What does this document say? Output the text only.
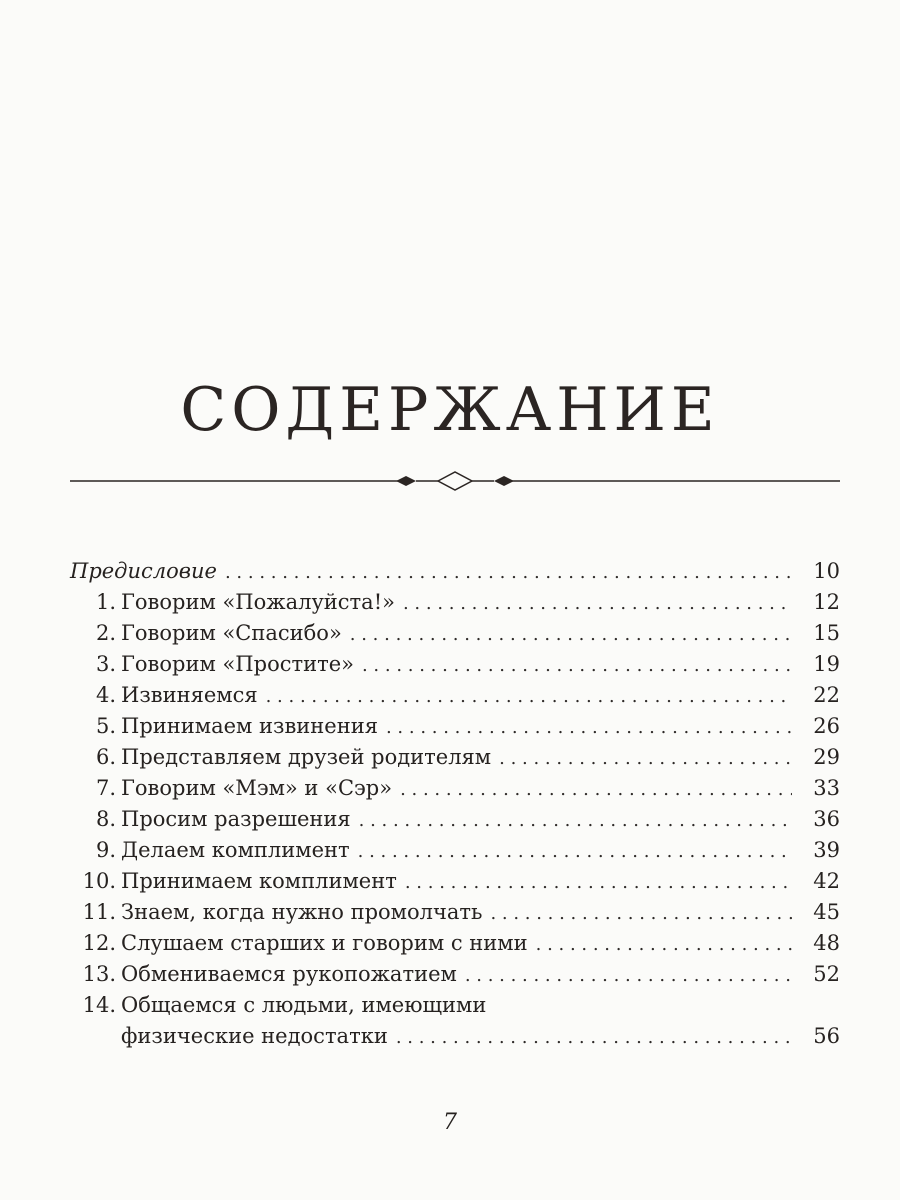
СОДЕРЖАНИЕ
Предисловие . . .	10
1. Говорим «Пожалуйста!» . . .	12
2. Говорим «Спасибо» . . .	15
3. Говорим «Простите» . . .	19
4. Извиняемся . . .	22
5. Принимаем извинения . . .	26
6. Представляем друзей родителям . . .	29
7. Говорим «Мэм» и «Сэр» . . .	33
8. Просим разрешения . . .	36
9. Делаем комплимент . . .	39
10. Принимаем комплимент . . .	42
11. Знаем, когда нужно промолчать . . .	45
12. Слушаем старших и говорим с ними . . .	48
13. Обмениваемся рукопожатием . . .	52
14. Общаемся с людьми, имеющими
физические недостатки . . .	56
7
